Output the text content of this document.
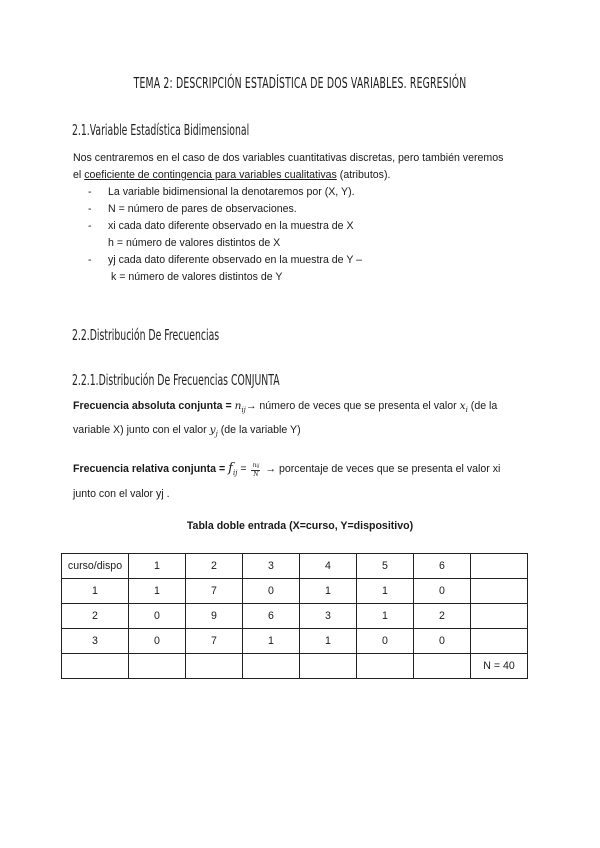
TEMA 2: DESCRIPCIÓN ESTADÍSTICA DE DOS VARIABLES. REGRESIÓN
2.1.Variable Estadística Bidimensional
Nos centraremos en el caso de dos variables cuantitativas discretas, pero también veremos
el coeficiente de contingencia para variables cualitativas (atributos).
- La variable bidimensional la denotaremos por (X, Y).
- N = número de pares de observaciones.
- xi cada dato diferente observado en la muestra de X
h = número de valores distintos de X
- yj cada dato diferente observado en la muestra de Y –
k = número de valores distintos de Y
2.2.Distribución De Frecuencias
2.2.1.Distribución De Frecuencias CONJUNTA
Frecuencia absoluta conjunta = $n_{ij}\to$ número de veces que se presenta el valor $x_i$ (de la
variable X) junto con el valor $y_j$ (de la variable Y)
Frecuencia relativa conjunta = $f_{ij} = \frac{\text{nij}}{N}$ → porcentaje de veces que se presenta el valor xi
junto con el valor yj .
Tabla doble entrada (X=curso, Y=dispositivo)
curso/dispo	1	2	3	4	5	6	
1	1	7	0	1	1	0	
2	0	9	6	3	1	2	
3	0	7	1	1	0	0	
							N = 40
